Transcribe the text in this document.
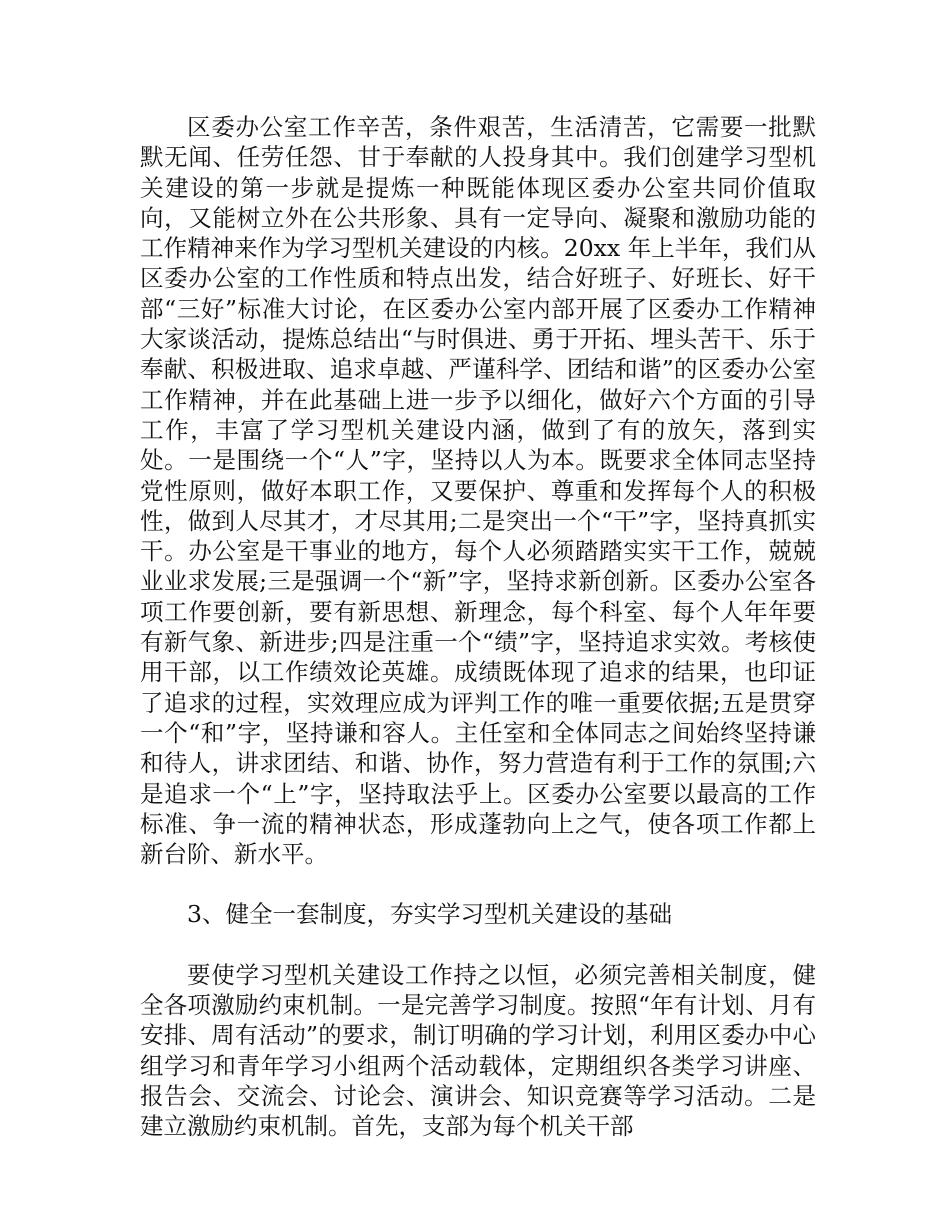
区委办公室工作辛苦，条件艰苦，生活清苦，它需要一批默默无闻、任劳任怨、甘于奉献的人投身其中。我们创建学习型机关建设的第一步就是提炼一种既能体现区委办公室共同价值取向，又能树立外在公共形象、具有一定导向、凝聚和激励功能的工作精神来作为学习型机关建设的内核。20xx 年上半年，我们从区委办公室的工作性质和特点出发，结合好班子、好班长、好干部“三好”标准大讨论，在区委办公室内部开展了区委办工作精神大家谈活动，提炼总结出“与时俱进、勇于开拓、埋头苦干、乐于奉献、积极进取、追求卓越、严谨科学、团结和谐”的区委办公室工作精神，并在此基础上进一步予以细化，做好六个方面的引导工作，丰富了学习型机关建设内涵，做到了有的放矢，落到实处。一是围绕一个“人”字，坚持以人为本。既要求全体同志坚持党性原则，做好本职工作，又要保护、尊重和发挥每个人的积极性，做到人尽其才，才尽其用;二是突出一个“干”字，坚持真抓实干。办公室是干事业的地方，每个人必须踏踏实实干工作，兢兢业业求发展;三是强调一个“新”字，坚持求新创新。区委办公室各项工作要创新，要有新思想、新理念，每个科室、每个人年年要有新气象、新进步;四是注重一个“绩”字，坚持追求实效。考核使用干部，以工作绩效论英雄。成绩既体现了追求的结果，也印证了追求的过程，实效理应成为评判工作的唯一重要依据;五是贯穿一个“和”字，坚持谦和容人。主任室和全体同志之间始终坚持谦和待人，讲求团结、和谐、协作，努力营造有利于工作的氛围;六是追求一个“上”字，坚持取法乎上。区委办公室要以最高的工作标准、争一流的精神状态，形成蓬勃向上之气，使各项工作都上新台阶、新水平。

3、健全一套制度，夯实学习型机关建设的基础

要使学习型机关建设工作持之以恒，必须完善相关制度，健全各项激励约束机制。一是完善学习制度。按照“年有计划、月有安排、周有活动”的要求，制订明确的学习计划，利用区委办中心组学习和青年学习小组两个活动载体，定期组织各类学习讲座、报告会、交流会、讨论会、演讲会、知识竞赛等学习活动。二是建立激励约束机制。首先，支部为每个机关干部
